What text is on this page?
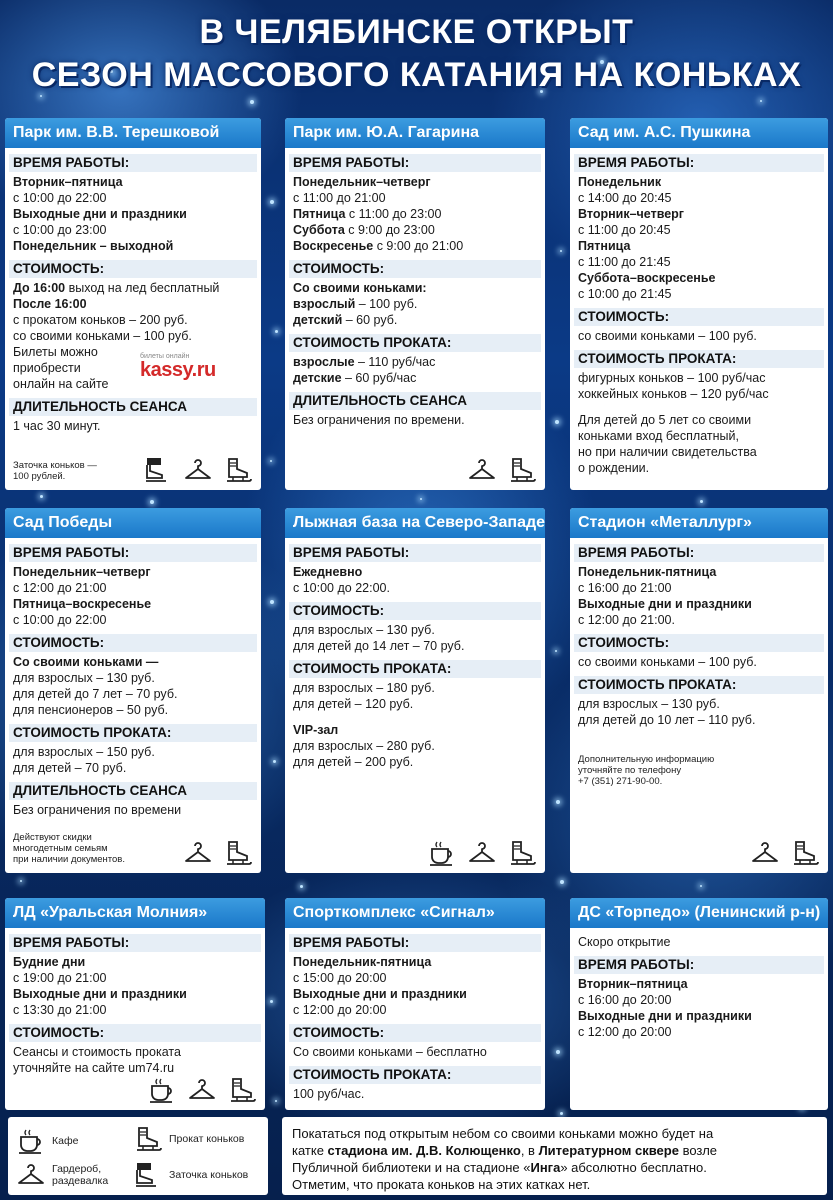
В ЧЕЛЯБИНСКЕ ОТКРЫТ
СЕЗОН МАССОВОГО КАТАНИЯ НА КОНЬКАХ
Парк им. В.В. Терешковой
ВРЕМЯ РАБОТЫ:
Вторник–пятница
с 10:00 до 22:00
Выходные дни и праздники
с 10:00 до 23:00
Понедельник – выходной
СТОИМОСТЬ:
До 16:00 выход на лед бесплатный
После 16:00
с прокатом коньков – 200 руб.
со своими коньками – 100 руб.
Билеты можно
приобрести
онлайн на сайте
ДЛИТЕЛЬНОСТЬ СЕАНСА
1 час 30 минут.
билеты онлайн
kassy.ru
Заточка коньков —
100 рублей.
Парк им. Ю.А. Гагарина
ВРЕМЯ РАБОТЫ:
Понедельник–четверг
с 11:00 до 21:00
Пятница с 11:00 до 23:00
Суббота с 9:00 до 23:00
Воскресенье с 9:00 до 21:00
СТОИМОСТЬ:
Со своими коньками:
взрослый – 100 руб.
детский – 60 руб.
СТОИМОСТЬ ПРОКАТА:
взрослые – 110 руб/час
детские – 60 руб/час
ДЛИТЕЛЬНОСТЬ СЕАНСА
Без ограничения по времени.
Сад им. А.С. Пушкина
ВРЕМЯ РАБОТЫ:
Понедельник
с 14:00 до 20:45
Вторник–четверг
с 11:00 до 20:45
Пятница
с 11:00 до 21:45
Суббота–воскресенье
с 10:00 до 21:45
СТОИМОСТЬ:
со своими коньками – 100 руб.
СТОИМОСТЬ ПРОКАТА:
фигурных коньков – 100 руб/час
хоккейных коньков – 120 руб/час
Для детей до 5 лет со своими
коньками вход бесплатный,
но при наличии свидетельства
о рождении.
Сад Победы
ВРЕМЯ РАБОТЫ:
Понедельник–четверг
с 12:00 до 21:00
Пятница–воскресенье
с 10:00 до 22:00
СТОИМОСТЬ:
Со своими коньками —
для взрослых – 130 руб.
для детей до 7 лет – 70 руб.
для пенсионеров – 50 руб.
СТОИМОСТЬ ПРОКАТА:
для взрослых – 150 руб.
для детей – 70 руб.
ДЛИТЕЛЬНОСТЬ СЕАНСА
Без ограничения по времени
Действуют скидки
многодетным семьям
при наличии документов.
Лыжная база на Северо-Западе
ВРЕМЯ РАБОТЫ:
Ежедневно
с 10:00 до 22:00.
СТОИМОСТЬ:
для взрослых – 130 руб.
для детей до 14 лет – 70 руб.
СТОИМОСТЬ ПРОКАТА:
для взрослых – 180 руб.
для детей – 120 руб.
VIP-зал
для взрослых – 280 руб.
для детей – 200 руб.
Стадион «Металлург»
ВРЕМЯ РАБОТЫ:
Понедельник-пятница
с 16:00 до 21:00
Выходные дни и праздники
с 12:00 до 21:00.
СТОИМОСТЬ:
со своими коньками – 100 руб.
СТОИМОСТЬ ПРОКАТА:
для взрослых – 130 руб.
для детей до 10 лет – 110 руб.
Дополнительную информацию
уточняйте по телефону
+7 (351) 271-90-00.
ЛД «Уральская Молния»
ВРЕМЯ РАБОТЫ:
Будние дни
с 19:00 до 21:00
Выходные дни и праздники
с 13:30 до 21:00
СТОИМОСТЬ:
Сеансы и стоимость проката
уточняйте на сайте um74.ru
Спорткомплекс «Сигнал»
ВРЕМЯ РАБОТЫ:
Понедельник-пятница
с 15:00 до 20:00
Выходные дни и праздники
с 12:00 до 20:00
СТОИМОСТЬ:
Со своими коньками – бесплатно
СТОИМОСТЬ ПРОКАТА:
100 руб/час.
ДС «Торпедо» (Ленинский р-н)
Скоро открытие
ВРЕМЯ РАБОТЫ:
Вторник–пятница
с 16:00 до 20:00
Выходные дни и праздники
с 12:00 до 20:00
Кафе	Прокат коньков
Гардероб,
раздевалка	Заточка коньков
Покататься под открытым небом со своими коньками можно будет на
катке стадиона им. Д.В. Колющенко, в Литературном сквере возле
Публичной библиотеки и на стадионе «Инга» абсолютно бесплатно.
Отметим, что проката коньков на этих катках нет.
